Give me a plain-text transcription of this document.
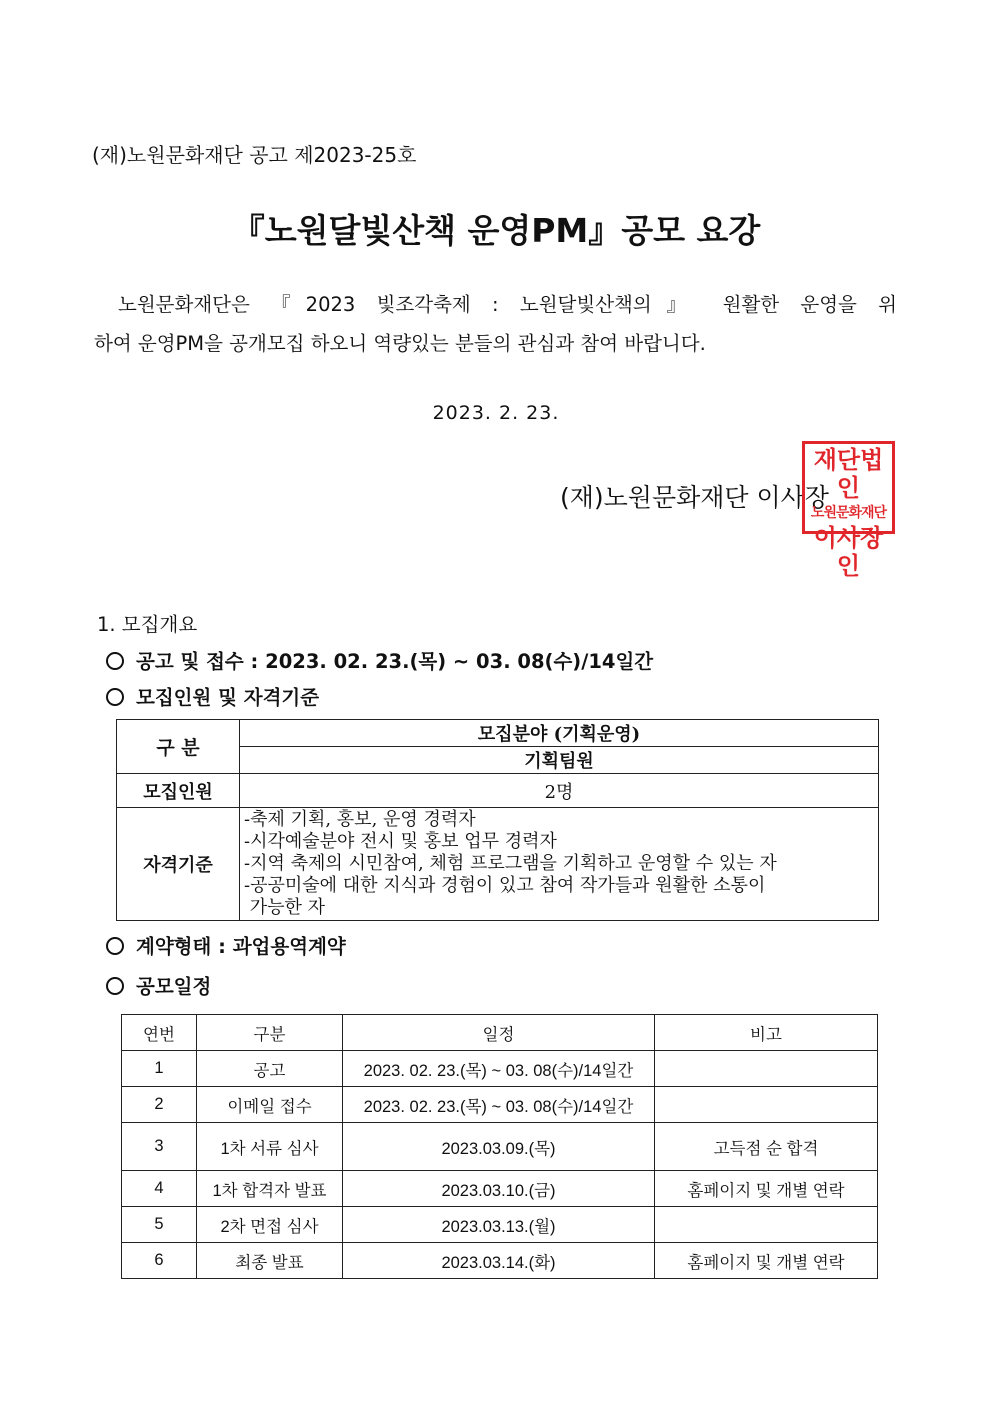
(재)노원문화재단 공고 제2023-25호
『노원달빛산책 운영PM』공모 요강
노원문화재단은 『2023 빛조각축제 : 노원달빛산책의』 원활한 운영을 위
하여 운영PM을 공개모집 하오니 역량있는 분들의 관심과 참여 바랍니다.
2023. 2. 23.
(재)노원문화재단 이사장
재단법인
노원문화재단
이사장인
1. 모집개요
공고 및 접수 : 2023. 02. 23.(목) ~ 03. 08(수)/14일간
모집인원 및 자격기준
구 분	모집분야 (기획운영)
	기획팀원
모집인원	2명
자격기준	-축제 기획, 홍보, 운영 경력자
-시각예술분야 전시 및 홍보 업무 경력자
-지역 축제의 시민참여, 체험 프로그램을 기획하고 운영할 수 있는 자
-공공미술에 대한 지식과 경험이 있고 참여 작가들과 원활한 소통이
가능한 자
계약형태 : 과업용역계약
공모일정
연번	구분	일정	비고
1	공고	2023. 02. 23.(목) ~ 03. 08(수)/14일간	
2	이메일 접수	2023. 02. 23.(목) ~ 03. 08(수)/14일간	
3	1차 서류 심사	2023.03.09.(목)	고득점 순 합격
4	1차 합격자 발표	2023.03.10.(금)	홈페이지 및 개별 연락
5	2차 면접 심사	2023.03.13.(월)	
6	최종 발표	2023.03.14.(화)	홈페이지 및 개별 연락
